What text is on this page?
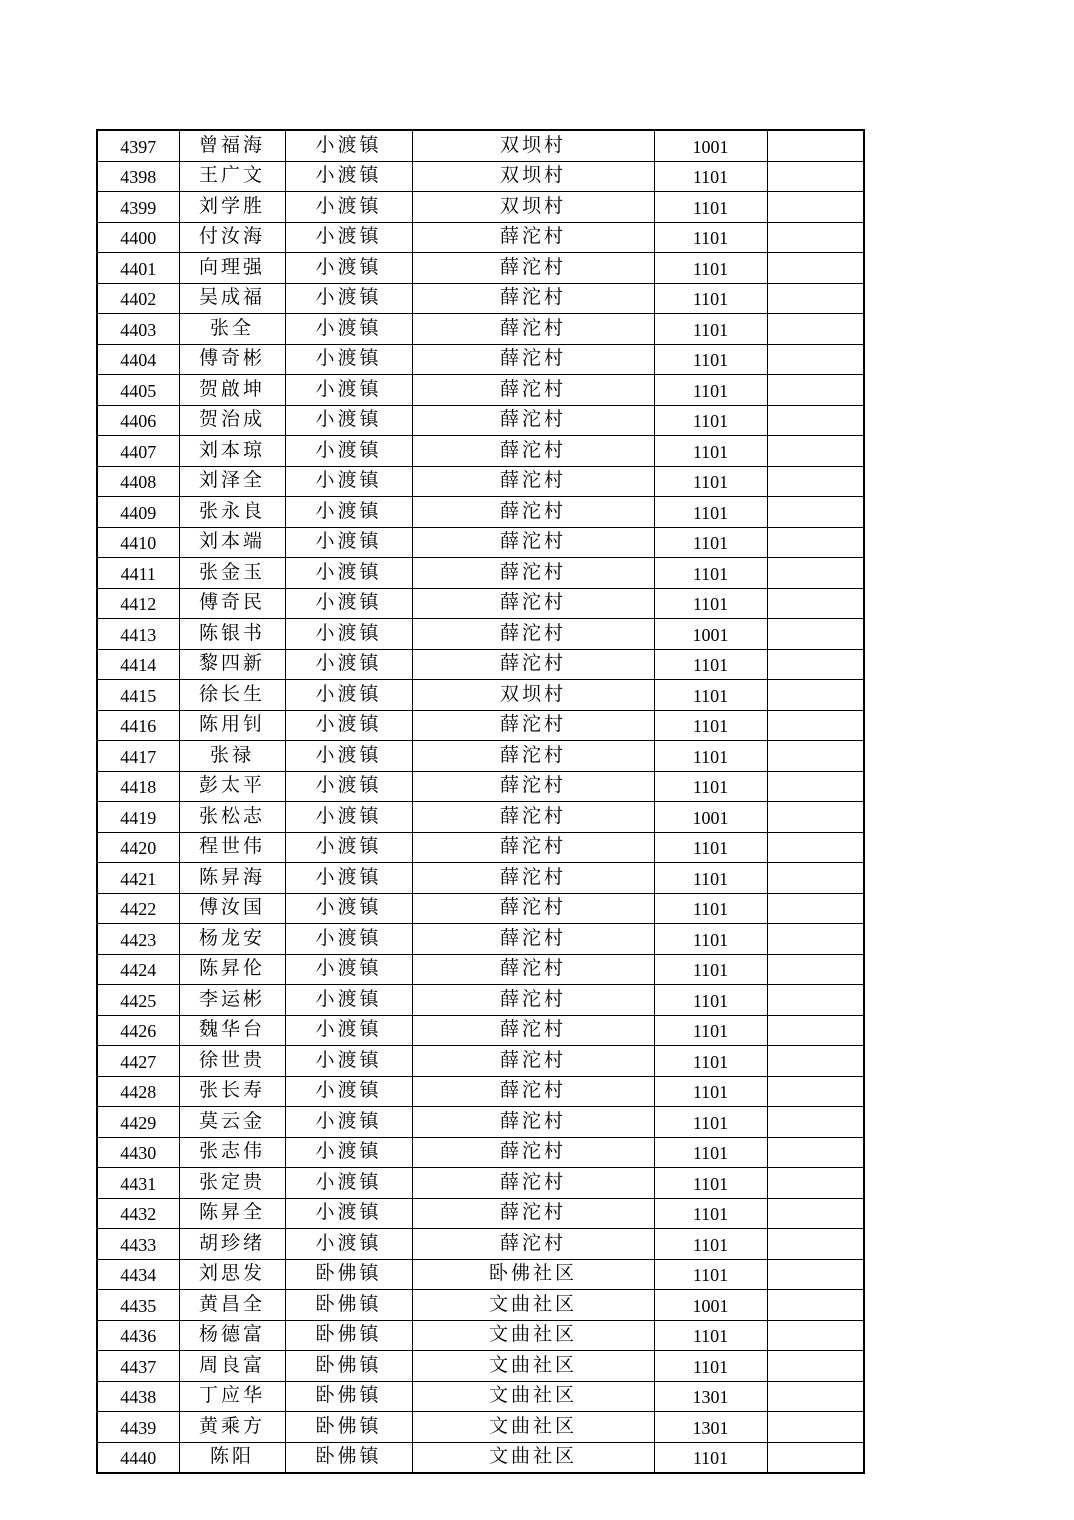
4397	曾福海	小渡镇	双坝村	1001	
4398	王广文	小渡镇	双坝村	1101	
4399	刘学胜	小渡镇	双坝村	1101	
4400	付汝海	小渡镇	薛沱村	1101	
4401	向理强	小渡镇	薛沱村	1101	
4402	吴成福	小渡镇	薛沱村	1101	
4403	张全	小渡镇	薛沱村	1101	
4404	傅奇彬	小渡镇	薛沱村	1101	
4405	贺啟坤	小渡镇	薛沱村	1101	
4406	贺治成	小渡镇	薛沱村	1101	
4407	刘本琼	小渡镇	薛沱村	1101	
4408	刘泽全	小渡镇	薛沱村	1101	
4409	张永良	小渡镇	薛沱村	1101	
4410	刘本端	小渡镇	薛沱村	1101	
4411	张金玉	小渡镇	薛沱村	1101	
4412	傅奇民	小渡镇	薛沱村	1101	
4413	陈银书	小渡镇	薛沱村	1001	
4414	黎四新	小渡镇	薛沱村	1101	
4415	徐长生	小渡镇	双坝村	1101	
4416	陈用钊	小渡镇	薛沱村	1101	
4417	张禄	小渡镇	薛沱村	1101	
4418	彭太平	小渡镇	薛沱村	1101	
4419	张松志	小渡镇	薛沱村	1001	
4420	程世伟	小渡镇	薛沱村	1101	
4421	陈昇海	小渡镇	薛沱村	1101	
4422	傅汝国	小渡镇	薛沱村	1101	
4423	杨龙安	小渡镇	薛沱村	1101	
4424	陈昇伦	小渡镇	薛沱村	1101	
4425	李运彬	小渡镇	薛沱村	1101	
4426	魏华台	小渡镇	薛沱村	1101	
4427	徐世贵	小渡镇	薛沱村	1101	
4428	张长寿	小渡镇	薛沱村	1101	
4429	莫云金	小渡镇	薛沱村	1101	
4430	张志伟	小渡镇	薛沱村	1101	
4431	张定贵	小渡镇	薛沱村	1101	
4432	陈昇全	小渡镇	薛沱村	1101	
4433	胡珍绪	小渡镇	薛沱村	1101	
4434	刘思发	卧佛镇	卧佛社区	1101	
4435	黄昌全	卧佛镇	文曲社区	1001	
4436	杨德富	卧佛镇	文曲社区	1101	
4437	周良富	卧佛镇	文曲社区	1101	
4438	丁应华	卧佛镇	文曲社区	1301	
4439	黄乘方	卧佛镇	文曲社区	1301	
4440	陈阳	卧佛镇	文曲社区	1101	
